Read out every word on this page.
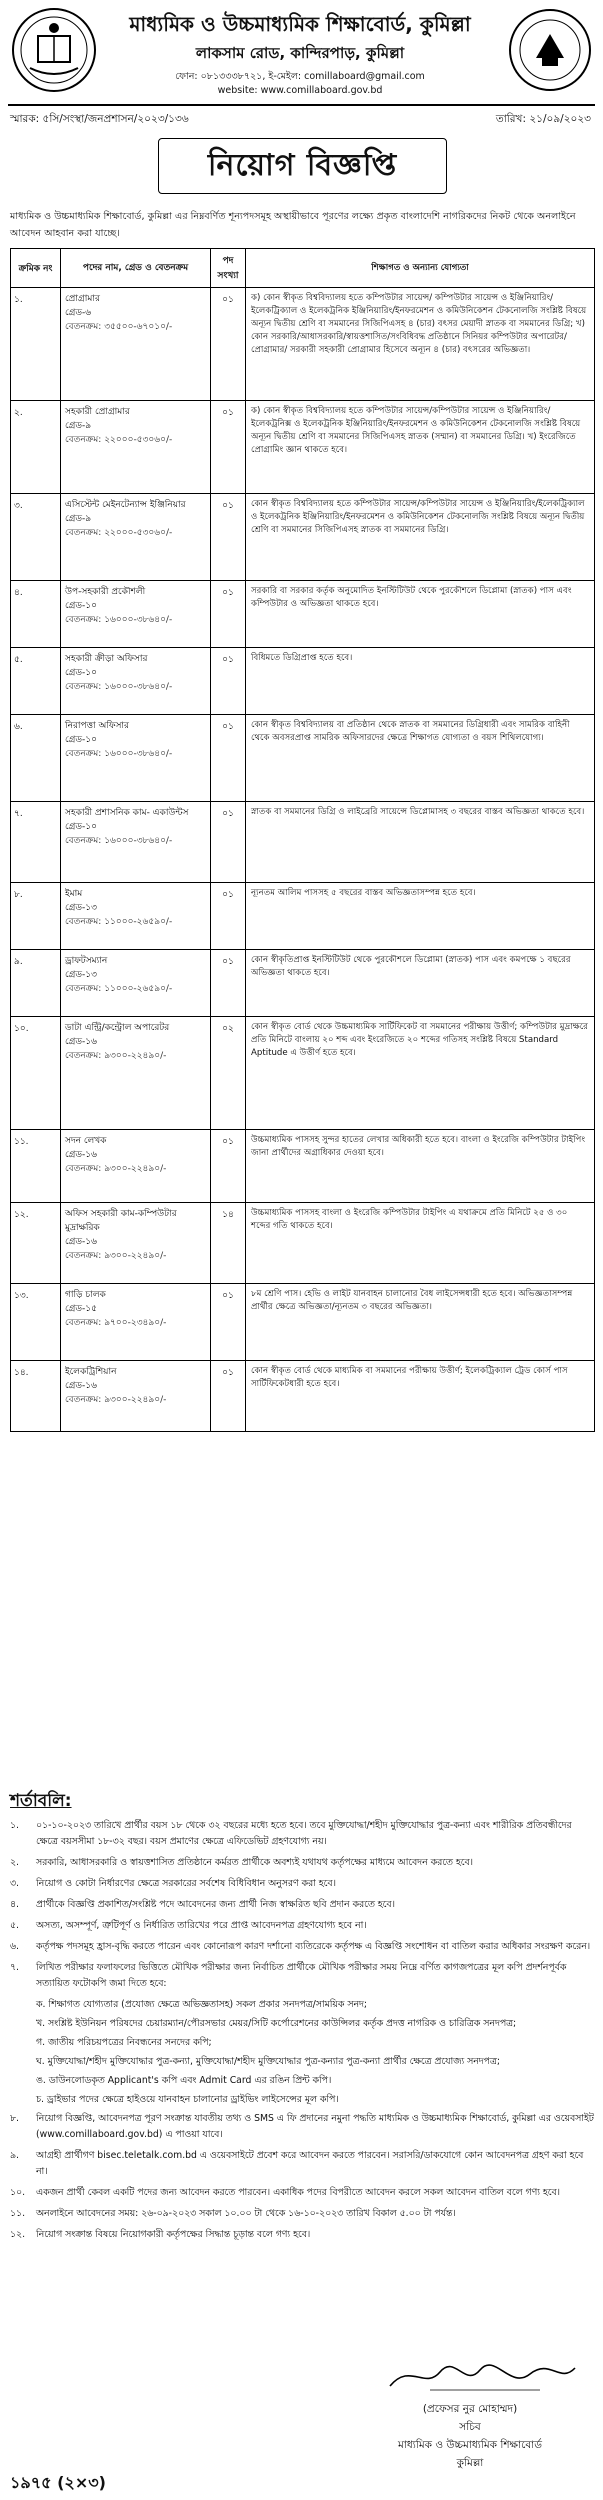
মাধ্যমিক ও উচ্চমাধ্যমিক শিক্ষাবোর্ড, কুমিল্লা
লাকসাম রোড, কান্দিরপাড়, কুমিল্লা
ফোন: ০৮১৩৩৩৮৭২১, ই-মেইল: comillaboard@gmail.com
website: www.comillaboard.gov.bd
স্মারক: ৫সি/সংস্থা/জনপ্রশাসন/২০২৩/১৩৬	তারিখ: ২১/০৯/২০২৩
নিয়োগ বিজ্ঞপ্তি
মাধ্যমিক ও উচ্চমাধ্যমিক শিক্ষাবোর্ড, কুমিল্লা এর নিম্নবর্ণিত শূন্যপদসমূহ অস্থায়ীভাবে পূরণের লক্ষ্যে প্রকৃত বাংলাদেশি নাগরিকদের নিকট থেকে অনলাইনে আবেদন আহবান করা যাচ্ছে।
ক্রমিক নং	পদের নাম, গ্রেড ও বেতনক্রম
পদ সংখ্যা
শিক্ষাগত ও অন্যান্য যোগ্যতা
১.	প্রোগ্রামার
গ্রেড-৬
বেতনক্রম: ৩৫৫০০-৬৭০১০/-
০১	ক) কোন স্বীকৃত বিশ্ববিদ্যালয় হতে কম্পিউটার সায়েন্স/ কম্পিউটার সায়েন্স ও ইঞ্জিনিয়ারিং/ইলেকট্রিক্যাল ও ইলেকট্রনিক ইঞ্জিনিয়ারিং/ইনফরমেশন ও কমিউনিকেশন টেকনোলজি সংশ্লিষ্ট বিষয়ে অন্যূন দ্বিতীয় শ্রেণি বা সমমানের সিজিপিএসহ ৪ (চার) বৎসর মেয়াদী স্নাতক বা সমমানের ডিগ্রি; খ) কোন সরকারি/আধাসরকারি/স্বায়ত্তশাসিত/সংবিধিবদ্ধ প্রতিষ্ঠানে সিনিয়র কম্পিউটার অপারেটর/প্রোগ্রামার/ সরকারী সহকারী প্রোগ্রামার হিসেবে অন্যূন ৪ (চার) বৎসরের অভিজ্ঞতা।
২.	সহকারী প্রোগ্রামার
গ্রেড-৯
বেতনক্রম: ২২০০০-৫৩০৬০/-
০১	ক) কোন স্বীকৃত বিশ্ববিদ্যালয় হতে কম্পিউটার সায়েন্স/কম্পিউটার সায়েন্স ও ইঞ্জিনিয়ারিং/ইলেকট্রনিক্স ও ইলেকট্রনিক ইঞ্জিনিয়ারিং/ইনফরমেশন ও কমিউনিকেশন টেকনোলজি সংশ্লিষ্ট বিষয়ে অন্যূন দ্বিতীয় শ্রেণি বা সমমানের সিজিপিএসহ স্নাতক (সম্মান) বা সমমানের ডিগ্রি। খ) ইংরেজিতে প্রোগ্রামিং জ্ঞান থাকতে হবে।
৩.	এসিস্টেন্ট মেইনটেন্যান্স ইঞ্জিনিয়ার
গ্রেড-৯
বেতনক্রম: ২২০০০-৫৩০৬০/-
০১	কোন স্বীকৃত বিশ্ববিদ্যালয় হতে কম্পিউটার সায়েন্স/কম্পিউটার সায়েন্স ও ইঞ্জিনিয়ারিং/ইলেকট্রিক্যাল ও ইলেকট্রনিক ইঞ্জিনিয়ারিং/ইনফরমেশন ও কমিউনিকেশন টেকনোলজি সংশ্লিষ্ট বিষয়ে অন্যূন দ্বিতীয় শ্রেণি বা সমমানের সিজিপিএসহ স্নাতক বা সমমানের ডিগ্রি।
৪.	উপ-সহকারী প্রকৌশলী
গ্রেড-১০
বেতনক্রম: ১৬০০০-৩৮৬৪০/-
০১	সরকারি বা সরকার কর্তৃক অনুমোদিত ইনস্টিটিউট থেকে পুরকৌশলে ডিপ্লোমা (স্নাতক) পাস এবং কম্পিউটার ও অভিজ্ঞতা থাকতে হবে।
৫.	সহকারী ক্রীড়া অফিসার
গ্রেড-১০
বেতনক্রম: ১৬০০০-৩৮৬৪০/-
০১	বিধিমতে ডিগ্রিপ্রাপ্ত হতে হবে।
৬.	নিরাপত্তা অফিসার
গ্রেড-১০
বেতনক্রম: ১৬০০০-৩৮৬৪০/-
০১	কোন স্বীকৃত বিশ্ববিদ্যালয় বা প্রতিষ্ঠান থেকে স্নাতক বা সমমানের ডিগ্রিধারী এবং সামরিক বাহিনী থেকে অবসরপ্রাপ্ত সামরিক অফিসারদের ক্ষেত্রে শিক্ষাগত যোগ্যতা ও বয়স শিথিলযোগ্য।
৭.	সহকারী প্রশাসনিক কাম- একাউন্টস
গ্রেড-১০
বেতনক্রম: ১৬০০০-৩৮৬৪০/-
০১	স্নাতক বা সমমানের ডিগ্রি ও লাইব্রেরি সায়েন্সে ডিপ্লোমাসহ ৩ বছরের বাস্তব অভিজ্ঞতা থাকতে হবে।
৮.	ইমাম
গ্রেড-১৩
বেতনক্রম: ১১০০০-২৬৫৯০/-
০১	ন্যূনতম আলিম পাসসহ ৫ বছরের বাস্তব অভিজ্ঞতাসম্পন্ন হতে হবে।
৯.	ড্রাফটসম্যান
গ্রেড-১৩
বেতনক্রম: ১১০০০-২৬৫৯০/-
০১	কোন স্বীকৃতিপ্রাপ্ত ইনস্টিটিউট থেকে পুরকৌশলে ডিপ্লোমা (স্নাতক) পাস এবং কমপক্ষে ১ বছরের অভিজ্ঞতা থাকতে হবে।
১০.	ডাটা এন্ট্রি/কন্ট্রোল অপারেটর
গ্রেড-১৬
বেতনক্রম: ৯৩০০-২২৪৯০/-
০২	কোন স্বীকৃত বোর্ড থেকে উচ্চমাধ্যমিক সার্টিফিকেট বা সমমানের পরীক্ষায় উত্তীর্ণ; কম্পিউটার মুদ্রাক্ষরে প্রতি মিনিটে বাংলায় ২০ শব্দ এবং ইংরেজিতে ২০ শব্দের গতিসহ সংশ্লিষ্ট বিষয়ে Standard Aptitude এ উত্তীর্ণ হতে হবে।
১১.	সদন লেখক
গ্রেড-১৬
বেতনক্রম: ৯৩০০-২২৪৯০/-
০১	উচ্চমাধ্যমিক পাসসহ সুন্দর হাতের লেখার অধিকারী হতে হবে। বাংলা ও ইংরেজি কম্পিউটার টাইপিং জানা প্রার্থীদের অগ্রাধিকার দেওয়া হবে।
১২.	অফিস সহকারী কাম-কম্পিউটার মুদ্রাক্ষরিক
গ্রেড-১৬
বেতনক্রম: ৯৩০০-২২৪৯০/-
১৪	উচ্চমাধ্যমিক পাসসহ বাংলা ও ইংরেজি কম্পিউটার টাইপিং এ যথাক্রমে প্রতি মিনিটে ২৫ ও ৩০ শব্দের গতি থাকতে হবে।
১৩.	গাড়ি চালক
গ্রেড-১৫
বেতনক্রম: ৯৭০০-২৩৪৯০/-
০১	৮ম শ্রেণি পাস। হেভি ও লাইট যানবাহন চালানোর বৈধ লাইসেন্সধারী হতে হবে। অভিজ্ঞতাসম্পন্ন প্রার্থীর ক্ষেত্রে অভিজ্ঞতা/ন্যূনতম ৩ বছরের অভিজ্ঞতা।
১৪.	ইলেকট্রিশিয়ান
গ্রেড-১৬
বেতনক্রম: ৯৩০০-২২৪৯০/-
০১	কোন স্বীকৃত বোর্ড থেকে মাধ্যমিক বা সমমানের পরীক্ষায় উত্তীর্ণ; ইলেকট্রিক্যাল ট্রেড কোর্স পাস সার্টিফিকেটধারী হতে হবে।
শর্তাবলি:
১.	০১-১০-২০২৩ তারিখে প্রার্থীর বয়স ১৮ থেকে ৩২ বছরের মধ্যে হতে হবে। তবে মুক্তিযোদ্ধা/শহীদ মুক্তিযোদ্ধার পুত্র-কন্যা এবং শারীরিক প্রতিবন্ধীদের ক্ষেত্রে বয়সসীমা ১৮-৩২ বছর। বয়স প্রমাণের ক্ষেত্রে এফিডেভিট গ্রহণযোগ্য নয়।
২.	সরকারি, আধাসরকারি ও স্বায়ত্তশাসিত প্রতিষ্ঠানে কর্মরত প্রার্থীকে অবশ্যই যথাযথ কর্তৃপক্ষের মাধ্যমে আবেদন করতে হবে।
৩.	নিয়োগ ও কোটা নির্ধারণের ক্ষেত্রে সরকারের সর্বশেষ বিধিবিধান অনুসরণ করা হবে।
৪.	প্রার্থীকে বিজ্ঞপ্তি প্রকাশিত/সংশ্লিষ্ট পদে আবেদনের জন্য প্রার্থী নিজ স্বাক্ষরিত ছবি প্রদান করতে হবে।
৫.	অসত্য, অসম্পূর্ণ, ত্রুটিপূর্ণ ও নির্ধারিত তারিখের পরে প্রাপ্ত আবেদনপত্র গ্রহণযোগ্য হবে না।
৬.	কর্তৃপক্ষ পদসমূহ হ্রাস-বৃদ্ধি করতে পারেন এবং কোনোরূপ কারণ দর্শানো ব্যতিরেকে কর্তৃপক্ষ এ বিজ্ঞপ্তি সংশোধন বা বাতিল করার অধিকার সংরক্ষণ করেন।
৭.	লিখিত পরীক্ষার ফলাফলের ভিত্তিতে মৌখিক পরীক্ষার জন্য নির্বাচিত প্রার্থীকে মৌখিক পরীক্ষার সময় নিম্নে বর্ণিত কাগজপত্রের মূল কপি প্রদর্শনপূর্বক সত্যায়িত ফটোকপি জমা দিতে হবে:
ক. শিক্ষাগত যোগ্যতার (প্রযোজ্য ক্ষেত্রে অভিজ্ঞতাসহ) সকল প্রকার সনদপত্র/সাময়িক সনদ;
খ. সংশ্লিষ্ট ইউনিয়ন পরিষদের চেয়ারম্যান/পৌরসভার মেয়র/সিটি কর্পোরেশনের কাউন্সিলর কর্তৃক প্রদত্ত নাগরিক ও চারিত্রিক সনদপত্র;
গ. জাতীয় পরিচয়পত্রের নিবন্ধনের সনদের কপি;
ঘ. মুক্তিযোদ্ধা/শহীদ মুক্তিযোদ্ধার পুত্র-কন্যা, মুক্তিযোদ্ধা/শহীদ মুক্তিযোদ্ধার পুত্র-কন্যার পুত্র-কন্যা প্রার্থীর ক্ষেত্রে প্রযোজ্য সনদপত্র;
ঙ. ডাউনলোডকৃত Applicant's কপি এবং Admit Card এর রঙিন প্রিন্ট কপি।
চ. ড্রাইভার পদের ক্ষেত্রে হাইওয়ে যানবাহন চালানোর ড্রাইভিং লাইসেন্সের মূল কপি।
৮.	নিয়োগ বিজ্ঞপ্তি, আবেদনপত্র পূরণ সংক্রান্ত যাবতীয় তথ্য ও SMS এ ফি প্রদানের নমুনা পদ্ধতি মাধ্যমিক ও উচ্চমাধ্যমিক শিক্ষাবোর্ড, কুমিল্লা এর ওয়েবসাইট (www.comillaboard.gov.bd) এ পাওয়া যাবে।
৯.	আগ্রহী প্রার্থীগণ bisec.teletalk.com.bd এ ওয়েবসাইটে প্রবেশ করে আবেদন করতে পারবেন। সরাসরি/ডাকযোগে কোন আবেদনপত্র গ্রহণ করা হবে না।
১০.	একজন প্রার্থী কেবল একটি পদের জন্য আবেদন করতে পারবেন। একাধিক পদের বিপরীতে আবেদন করলে সকল আবেদন বাতিল বলে গণ্য হবে।
১১.	অনলাইনে আবেদনের সময়: ২৬-০৯-২০২৩ সকাল ১০.০০ টা থেকে ১৬-১০-২০২৩ তারিখ বিকাল ৫.০০ টা পর্যন্ত।
১২.	নিয়োগ সংক্রান্ত বিষয়ে নিয়োগকারী কর্তৃপক্ষের সিদ্ধান্ত চূড়ান্ত বলে গণ্য হবে।
(প্রফেসর নুর মোহাম্মদ)
সচিব
মাধ্যমিক ও উচ্চমাধ্যমিক শিক্ষাবোর্ড
কুমিল্লা
১৯৭৫ (২×৩)
